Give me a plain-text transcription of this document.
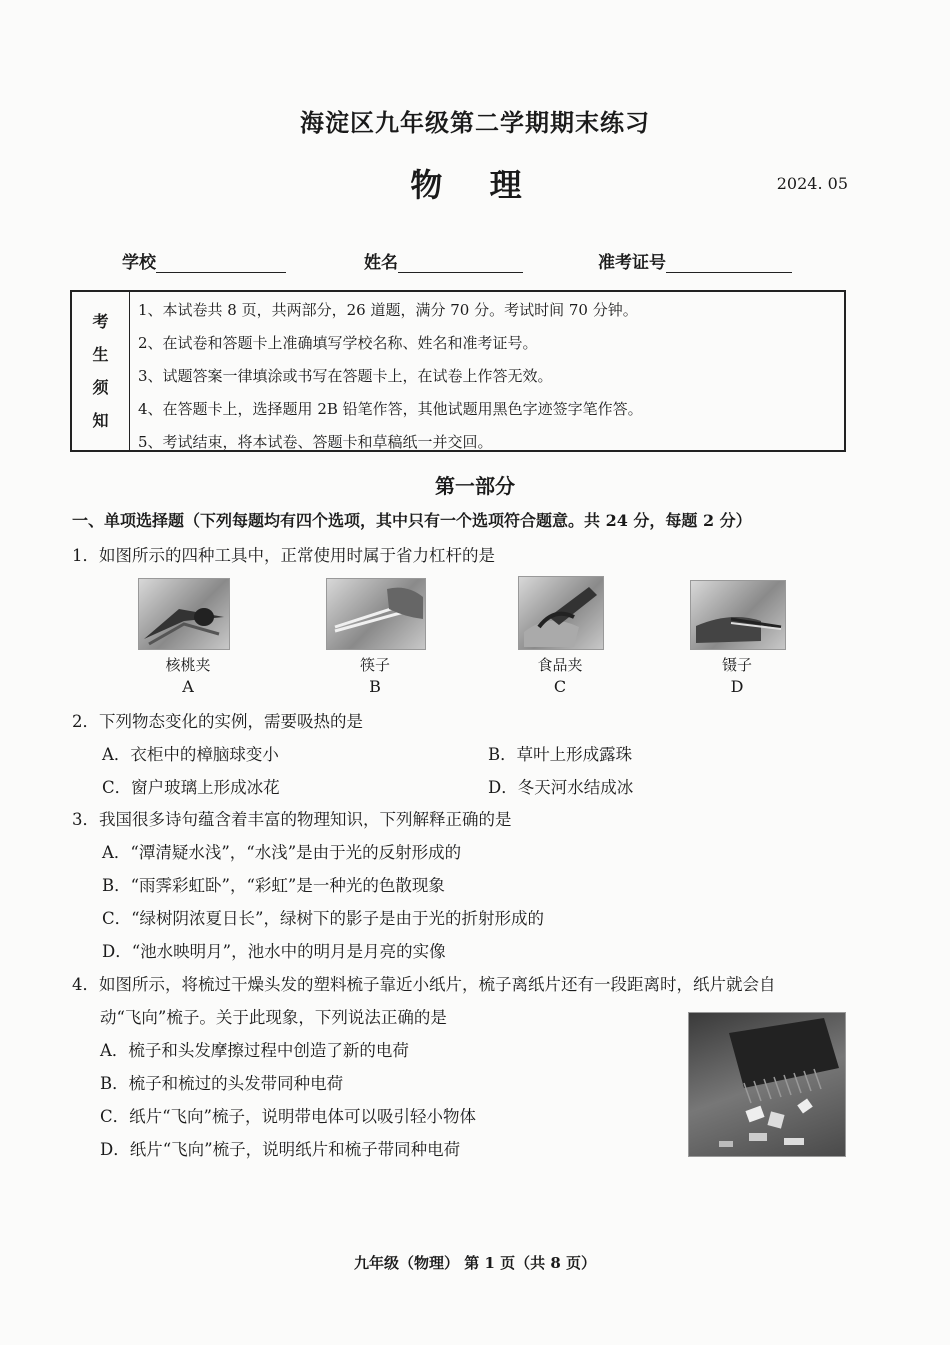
海淀区九年级第二学期期末练习
物 理	2024. 05
学校	姓名	准考证号
考
生
须
知
1、本试卷共 8 页，共两部分，26 道题，满分 70 分。考试时间 70 分钟。
2、在试卷和答题卡上准确填写学校名称、姓名和准考证号。
3、试题答案一律填涂或书写在答题卡上，在试卷上作答无效。
4、在答题卡上，选择题用 2B 铅笔作答，其他试题用黑色字迹签字笔作答。
5、考试结束，将本试卷、答题卡和草稿纸一并交回。
第一部分
一、单项选择题（下列每题均有四个选项，其中只有一个选项符合题意。共 24 分，每题 2 分）
1．如图所示的四种工具中，正常使用时属于省力杠杆的是
核桃夹	筷子	食品夹	镊子
A	B	C	D
2．下列物态变化的实例，需要吸热的是
A．衣柜中的樟脑球变小	B．草叶上形成露珠
C．窗户玻璃上形成冰花	D．冬天河水结成冰
3．我国很多诗句蕴含着丰富的物理知识，下列解释正确的是
A．“潭清疑水浅”，“水浅”是由于光的反射形成的
B．“雨霁彩虹卧”，“彩虹”是一种光的色散现象
C．“绿树阴浓夏日长”，绿树下的影子是由于光的折射形成的
D．“池水映明月”，池水中的明月是月亮的实像
4．如图所示，将梳过干燥头发的塑料梳子靠近小纸片，梳子离纸片还有一段距离时，纸片就会自
动“飞向”梳子。关于此现象，下列说法正确的是
A．梳子和头发摩擦过程中创造了新的电荷
B．梳子和梳过的头发带同种电荷
C．纸片“飞向”梳子，说明带电体可以吸引轻小物体
D．纸片“飞向”梳子，说明纸片和梳子带同种电荷
九年级（物理） 第 1 页（共 8 页）
